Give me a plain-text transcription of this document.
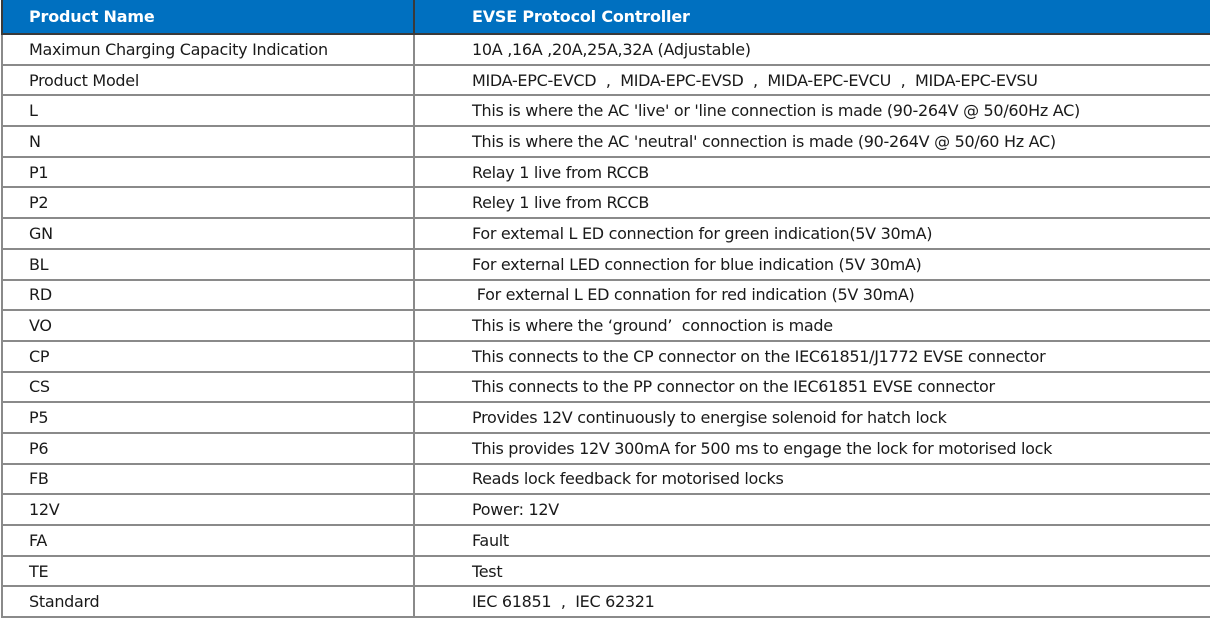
Product Name	EVSE Protocol Controller
Maximun Charging Capacity Indication	10A ,16A ,20A,25A,32A (Adjustable)
Product Model	MIDA-EPC-EVCD  ,  MIDA-EPC-EVSD  ,  MIDA-EPC-EVCU  ,  MIDA-EPC-EVSU
L	This is where the AC 'live' or 'line connection is made (90-264V @ 50/60Hz AC)
N	This is where the AC 'neutral' connection is made (90-264V @ 50/60 Hz AC)
P1	Relay 1 live from RCCB
P2	Reley 1 live from RCCB
GN	For extemal L ED connection for green indication(5V 30mA)
BL	For external LED connection for blue indication (5V 30mA)
RD	For external L ED connation for red indication (5V 30mA)
VO	This is where the ‘ground’  connoction is made
CP	This connects to the CP connector on the IEC61851/J1772 EVSE connector
CS	This connects to the PP connector on the IEC61851 EVSE connector
P5	Provides 12V continuously to energise solenoid for hatch lock
P6	This provides 12V 300mA for 500 ms to engage the lock for motorised lock
FB	Reads lock feedback for motorised locks
12V	Power: 12V
FA	Fault
TE	Test
Standard	IEC 61851  ,  IEC 62321
